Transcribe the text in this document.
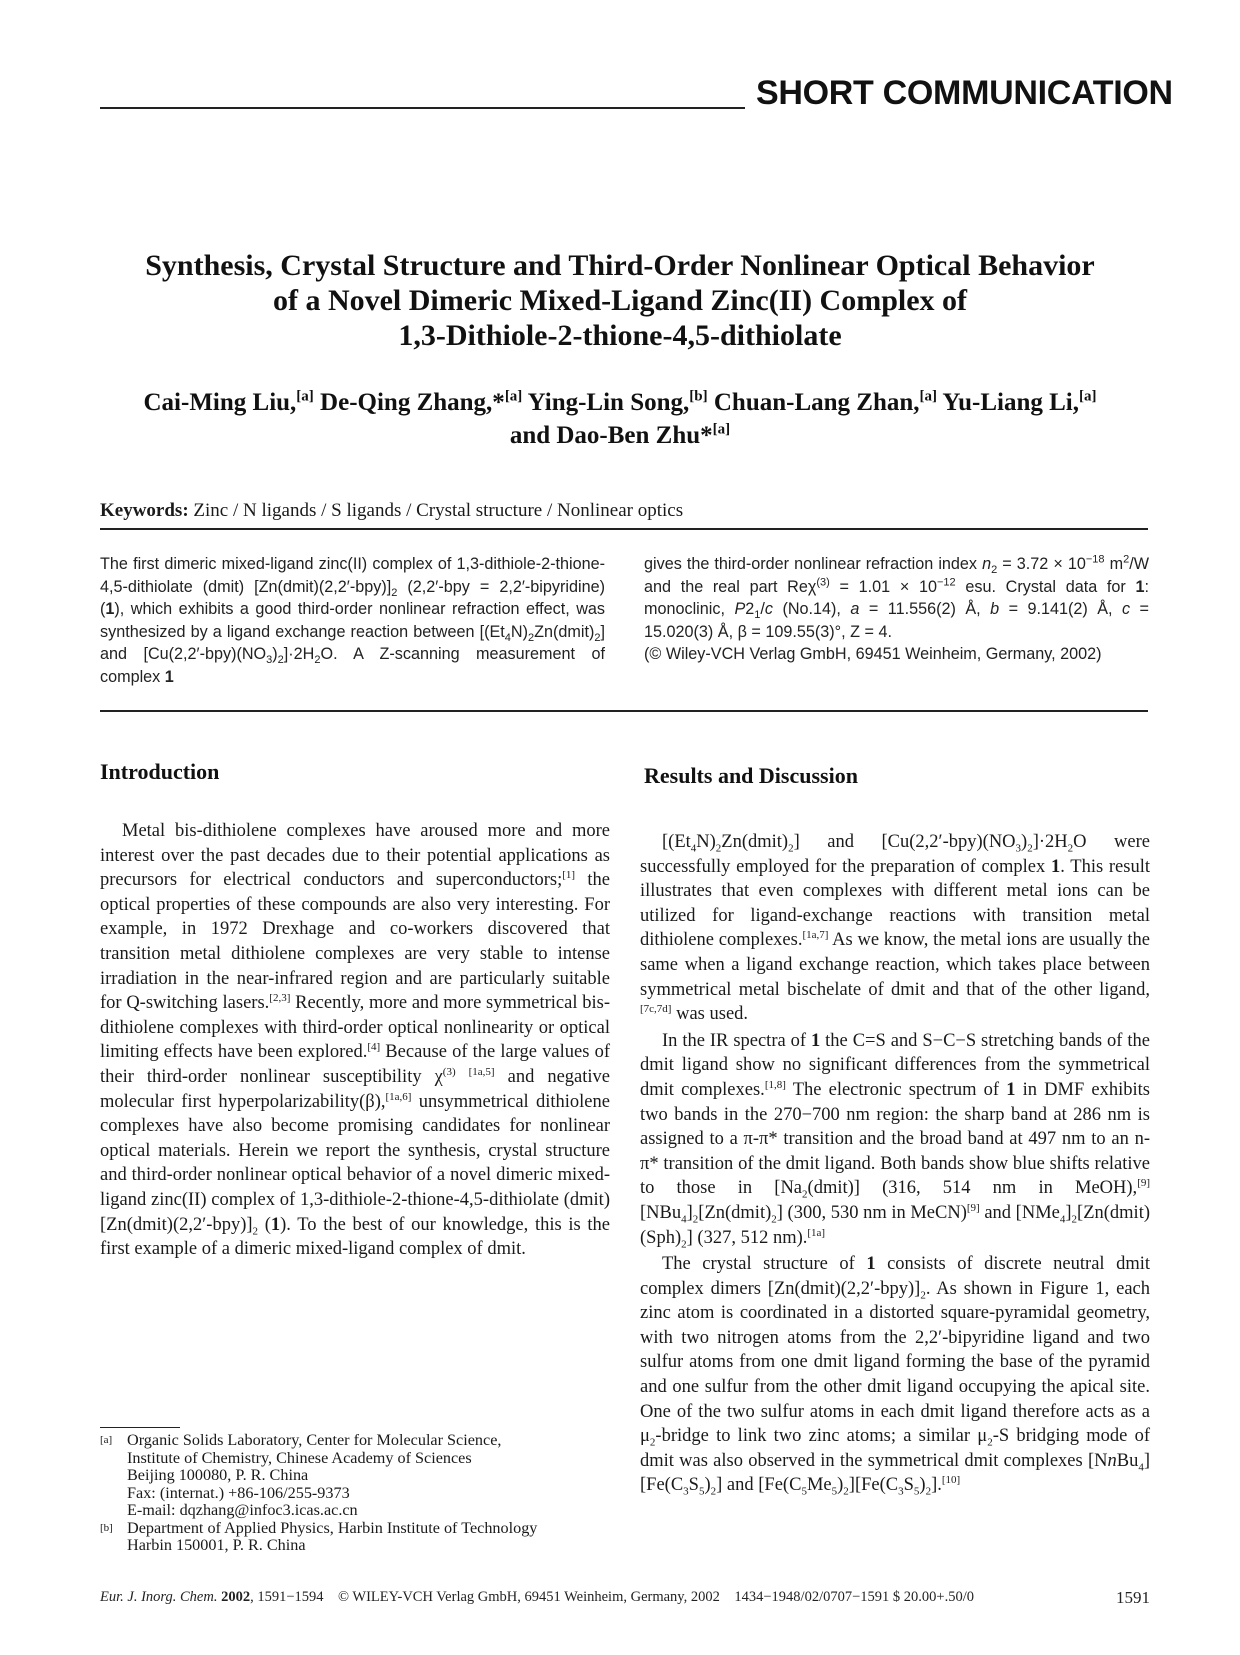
SHORT COMMUNICATION
Synthesis, Crystal Structure and Third-Order Nonlinear Optical Behavior
of a Novel Dimeric Mixed-Ligand Zinc(II) Complex of
1,3-Dithiole-2-thione-4,5-dithiolate
Cai-Ming Liu,[a] De-Qing Zhang,*[a] Ying-Lin Song,[b] Chuan-Lang Zhan,[a] Yu-Liang Li,[a]
and Dao-Ben Zhu*[a]
Keywords: Zinc / N ligands / S ligands / Crystal structure / Nonlinear optics

The first dimeric mixed-ligand zinc(II) complex of 1,3-dithiole-2-thione-4,5-dithiolate (dmit) $[Zn(dmit)(2,2'-bpy)]_2$ (2,2′-bpy = 2,2′-bipyridine) (1), which exhibits a good third-order nonlinear refraction effect, was synthesized by a ligand exchange reaction between $[(Et_4N)_2Zn(dmit)_2]$ and $[Cu(2,2'-bpy)(NO_3)_2]\cdot 2H_2O$. A Z-scanning measurement of complex 1

gives the third-order nonlinear refraction index $n_2 = 3.72 \times 10^{-18}$ $m^2/W$ and the real part $Re\chi^{(3)} = 1.01 \times 10^{-12}$ esu. Crystal data for 1: monoclinic, $P2_1/c$ (No.14), a = 11.556(2) Å, b = 9.141(2) Å, c = 15.020(3) Å, β = 109.55(3)°, Z = 4.
(© Wiley-VCH Verlag GmbH, 69451 Weinheim, Germany, 2002)

Introduction	Results and Discussion

Metal bis-dithiolene complexes have aroused more and more interest over the past decades due to their potential applications as precursors for electrical conductors and superconductors;[1] the optical properties of these compounds are also very interesting. For example, in 1972 Drexhage and co-workers discovered that transition metal dithiolene complexes are very stable to intense irradiation in the near-infrared region and are particularly suitable for Q-switching lasers.[2,3] Recently, more and more symmetrical bis-dithiolene complexes with third-order optical nonlinearity or optical limiting effects have been explored.[4] Because of the large values of their third-order nonlinear susceptibility $\chi^{(3)}$ [1a,5] and negative molecular first hyperpolarizability(β),[1a,6] unsymmetrical dithiolene complexes have also become promising candidates for nonlinear optical materials. Herein we report the synthesis, crystal structure and third-order nonlinear optical behavior of a novel dimeric mixed-ligand zinc(II) complex of 1,3-dithiole-2-thione-4,5-dithiolate (dmit) $[Zn(dmit)(2,2'-bpy)]_2$ (1). To the best of our knowledge, this is the first example of a dimeric mixed-ligand complex of dmit.

$[(Et_4N)_2Zn(dmit)_2]$ and $[Cu(2,2'-bpy)(NO_3)_2]\cdot 2H_2O$ were successfully employed for the preparation of complex 1. This result illustrates that even complexes with different metal ions can be utilized for ligand-exchange reactions with transition metal dithiolene complexes.[1a,7] As we know, the metal ions are usually the same when a ligand exchange reaction, which takes place between symmetrical metal bischelate of dmit and that of the other ligand,[7c,7d] was used.

In the IR spectra of 1 the C=S and S−C−S stretching bands of the dmit ligand show no significant differences from the symmetrical dmit complexes.[1,8] The electronic spectrum of 1 in DMF exhibits two bands in the 270−700 nm region: the sharp band at 286 nm is assigned to a π-π* transition and the broad band at 497 nm to an n-π* transition of the dmit ligand. Both bands show blue shifts relative to those in $[Na_2(dmit)]$ (316, 514 nm in MeOH),[9] $[NBu_4]_2[Zn(dmit)_2]$ (300, 530 nm in MeCN)[9] and $[NMe_4]_2[Zn(dmit)(Sph)_2]$ (327, 512 nm).[1a]

The crystal structure of 1 consists of discrete neutral dmit complex dimers $[Zn(dmit)(2,2'-bpy)]_2$. As shown in Figure 1, each zinc atom is coordinated in a distorted square-pyramidal geometry, with two nitrogen atoms from the 2,2′-bipyridine ligand and two sulfur atoms from one dmit ligand forming the base of the pyramid and one sulfur from the other dmit ligand occupying the apical site. One of the two sulfur atoms in each dmit ligand therefore acts as a $\mu_2$-bridge to link two zinc atoms; a similar $\mu_2-S$ bridging mode of dmit was also observed in the symmetrical dmit complexes $[NnBu_4][Fe(C_3S_5)_2]$ and $[Fe(C_5Me_5)_2][Fe(C_3S_5)_2].[10]$

[a] Organic Solids Laboratory, Center for Molecular Science,
Institute of Chemistry, Chinese Academy of Sciences
Beijing 100080, P. R. China
Fax: (internat.) +86-106/255-9373
E-mail: dqzhang@infoc3.icas.ac.cn
[b] Department of Applied Physics, Harbin Institute of Technology
Harbin 150001, P. R. China
Eur. J. Inorg. Chem. 2002, 1591−1594 © WILEY-VCH Verlag GmbH, 69451 Weinheim, Germany, 2002 1434−1948/02/0707−1591 $ 20.00+.50/0	1591
